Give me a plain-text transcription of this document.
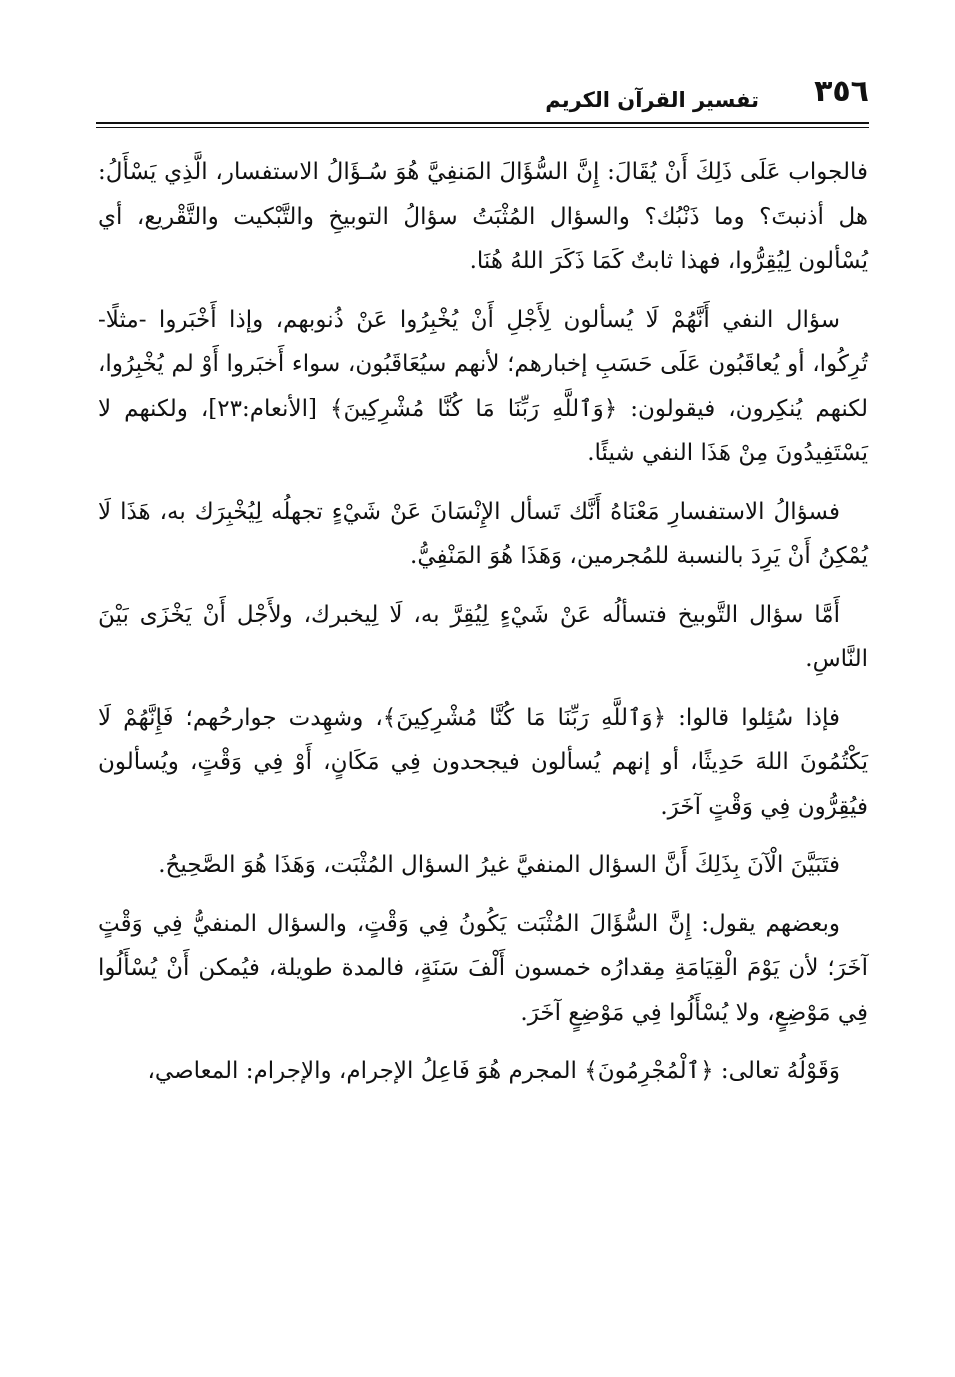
٣٥٦
تفسير القرآن الكريم

فالجواب عَلَى ذَلِكَ أَنْ يُقَالَ: إِنَّ السُّؤَالَ المَنفِيَّ هُوَ سُـؤَالُ الاستفسار، الَّذِي يَسْأَلُ: هل أذنبتَ؟ وما ذَنْبُك؟ والسؤال المُثْبَتُ سؤالُ التوبيخِ والتَّبْكيت والتَّقْريع، أي يُسْألون لِيُقِرُّوا، فهذا ثابتٌ كَمَا ذَكَرَ اللهُ هُنَا.

سؤال النفي أَنَّهُمْ لَا يُسألون لِأَجْلِ أَنْ يُخْبِرُوا عَنْ ذُنوبهم، وإذا أَخْبَروا -مثلًا- تُرِكُوا، أو يُعاقَبُون عَلَى حَسَبِ إخبارهم؛ لأنهم سيُعَاقَبُون، سواء أَخبَروا أَوْ لم يُخْبِرُوا، لكنهم يُنكِرون، فيقولون: ﴿وَٱللَّهِ رَبِّنَا مَا كُنَّا مُشْرِكِينَ﴾ [الأنعام:٢٣]، ولكنهم لا يَسْتَفِيدُونَ مِنْ هَذَا النفي شيئًا.

فسؤالُ الاستفسارِ مَعْنَاهُ أَنَّك تَسأل الإِنْسَانَ عَنْ شَيْءٍ تجهلُه لِيُخْبِرَك به، هَذَا لَا يُمْكِنُ أَنْ يَرِدَ بالنسبة للمُجرمين، وَهَذَا هُوَ المَنْفِيُّ.

أَمَّا سؤال التَّوبيخ فتسألُه عَنْ شَيْءٍ لِيُقِرَّ به، لَا لِيخبرك، ولأَجْل أَنْ يَخْزَى بَيْنَ النَّاسِ.

فإذا سُئِلوا قالوا: ﴿وَٱللَّهِ رَبِّنَا مَا كُنَّا مُشْرِكِينَ﴾، وشهِدت جوارحُهم؛ فَإِنَّهُمْ لَا يَكْتُمُونَ اللهَ حَدِيثًا، أو إنهم يُسألون فيجحدون فِي مَكَانٍ، أَوْ فِي وَقْتٍ، ويُسألون فيُقِرُّون فِي وَقْتٍ آخَرَ.

فتَبَيَّنَ الْآنَ بِذَلِكَ أَنَّ السؤال المنفيَّ غيرُ السؤال المُثْبَت، وَهَذَا هُوَ الصَّحِيحُ.

وبعضهم يقول: إِنَّ السُّؤَالَ المُثْبَت يَكُونُ فِي وَقْتٍ، والسؤال المنفيُّ فِي وَقْتٍ آخَرَ؛ لأن يَوْمَ الْقِيَامَةِ مِقدارُه خمسون أَلْفَ سَنَةٍ، فالمدة طويلة، فيُمكن أَنْ يُسْأَلُوا فِي مَوْضِعٍ، ولا يُسْأَلُوا فِي مَوْضِعٍ آخَرَ.

وَقَوْلُهُ تعالى: ﴿ٱلْمُجْرِمُونَ﴾ المجرم هُوَ فَاعِلُ الإجرام، والإجرام: المعاصي،
